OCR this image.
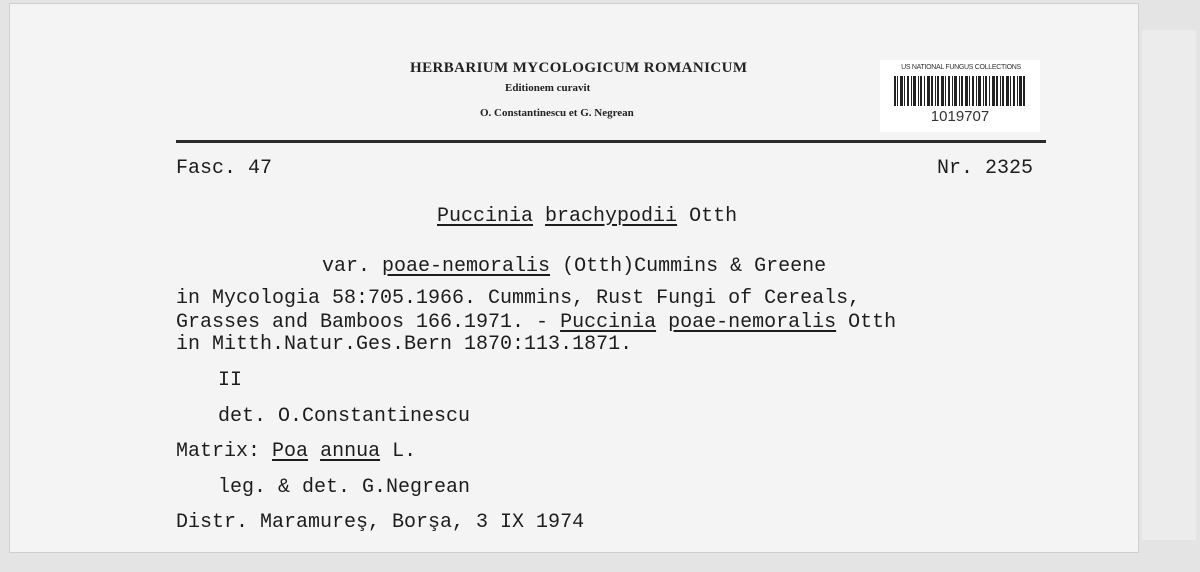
HERBARIUM MYCOLOGICUM ROMANICUM
Editionem curavit
O. Constantinescu et G. Negrean
US NATIONAL FUNGUS COLLECTIONS
1019707
Fasc. 47	Nr. 2325
Puccinia brachypodii Otth
var. poae-nemoralis (Otth)Cummins & Greene
in Mycologia 58:705.1966. Cummins, Rust Fungi of Cereals,
Grasses and Bamboos 166.1971. - Puccinia poae-nemoralis Otth
in Mitth.Natur.Ges.Bern 1870:113.1871.
II
det. O.Constantinescu
Matrix: Poa annua L.
leg. & det. G.Negrean
Distr. Maramureş, Borşa, 3 IX 1974
